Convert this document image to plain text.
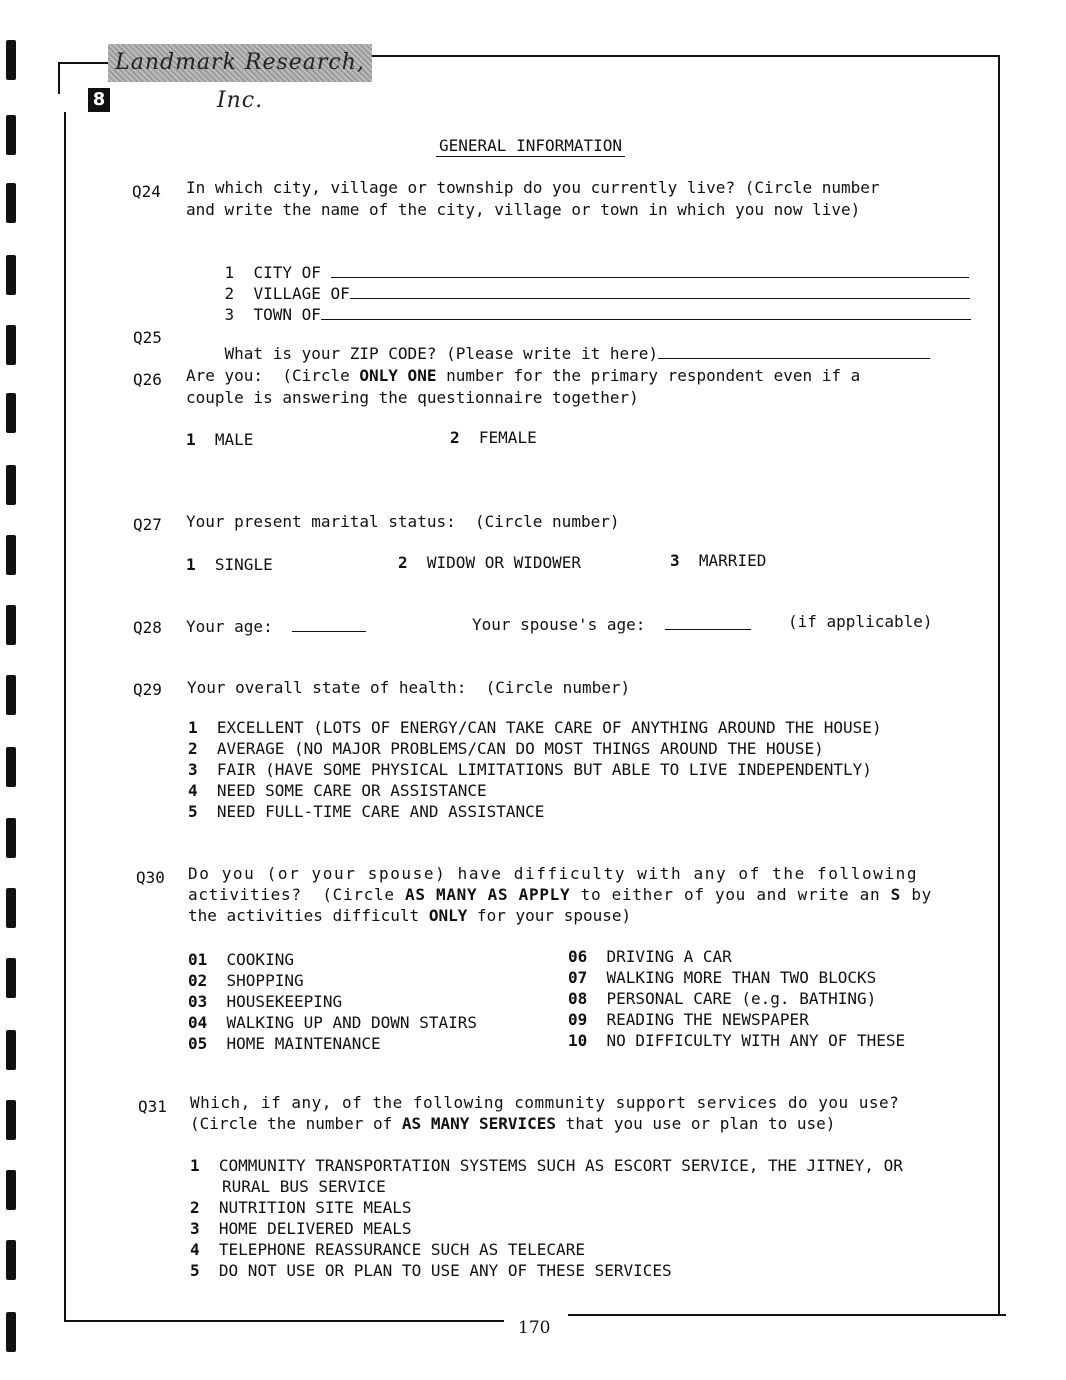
Landmark Research, Inc.
8
GENERAL INFORMATION
Q24 In which city, village or township do you currently live? (Circle number
and write the name of the city, village or town in which you now live)

1 CITY OF

2 VILLAGE OF

3 TOWN OF

Q25

What is your ZIP CODE? (Please write it here)

Q26 Are you:  (Circle ONLY ONE number for the primary respondent even if a
couple is answering the questionnaire together)
1 MALE	2 FEMALE
Q27 Your present marital status:  (Circle number)
1 SINGLE	2 WIDOW OR WIDOWER	3 MARRIED
Q28 Your age:	Your spouse's age:	(if applicable)
Q29 Your overall state of health:  (Circle number)
1 EXCELLENT (LOTS OF ENERGY/CAN TAKE CARE OF ANYTHING AROUND THE HOUSE)
2 AVERAGE (NO MAJOR PROBLEMS/CAN DO MOST THINGS AROUND THE HOUSE)
3 FAIR (HAVE SOME PHYSICAL LIMITATIONS BUT ABLE TO LIVE INDEPENDENTLY)
4 NEED SOME CARE OR ASSISTANCE
5 NEED FULL-TIME CARE AND ASSISTANCE
Q30 Do you (or your spouse) have difficulty with any of the following
activities?  (Circle AS MANY AS APPLY to either of you and write an S by
the activities difficult ONLY for your spouse)
01 COOKING
02 SHOPPING
03 HOUSEKEEPING
04 WALKING UP AND DOWN STAIRS
05 HOME MAINTENANCE
06 DRIVING A CAR
07 WALKING MORE THAN TWO BLOCKS
08 PERSONAL CARE (e.g. BATHING)
09 READING THE NEWSPAPER
10 NO DIFFICULTY WITH ANY OF THESE
Q31 Which, if any, of the following community support services do you use?
(Circle the number of AS MANY SERVICES that you use or plan to use)
1 COMMUNITY TRANSPORTATION SYSTEMS SUCH AS ESCORT SERVICE, THE JITNEY, OR
RURAL BUS SERVICE
2 NUTRITION SITE MEALS
3 HOME DELIVERED MEALS
4 TELEPHONE REASSURANCE SUCH AS TELECARE
5 DO NOT USE OR PLAN TO USE ANY OF THESE SERVICES
170
